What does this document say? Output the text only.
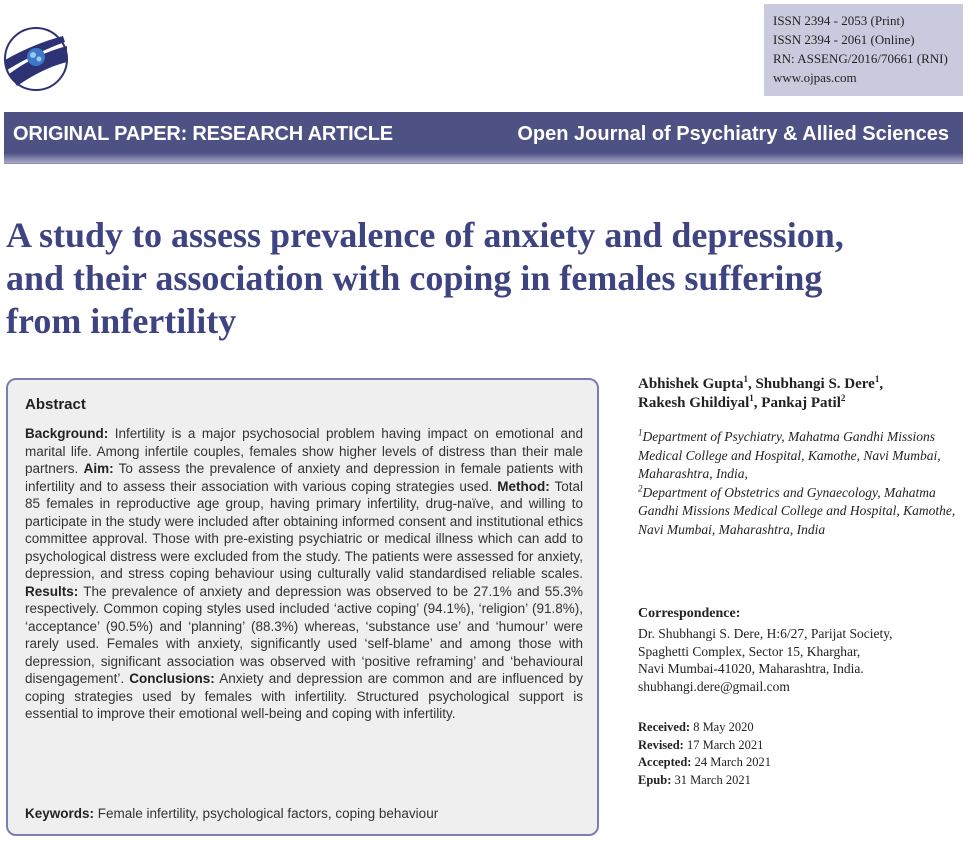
ISSN 2394 - 2053 (Print)
ISSN 2394 - 2061 (Online)
RN: ASSENG/2016/70661 (RNI)
www.ojpas.com
ORIGINAL PAPER: RESEARCH ARTICLE	Open Journal of Psychiatry & Allied Sciences
A study to assess prevalence of anxiety and depression,
and their association with coping in females suffering
from infertility
Abstract
Background: Infertility is a major psychosocial problem having impact on emotional and marital life. Among infertile couples, females show higher levels of distress than their male partners. Aim: To assess the prevalence of anxiety and depression in female patients with infertility and to assess their association with various coping strategies used. Method: Total 85 females in reproductive age group, having primary infertility, drug-naïve, and willing to participate in the study were included after obtaining informed consent and institutional ethics committee approval. Those with pre-existing psychiatric or medical illness which can add to psychological distress were excluded from the study. The patients were assessed for anxiety, depression, and stress coping behaviour using culturally valid standardised reliable scales. Results: The prevalence of anxiety and depression was observed to be 27.1% and 55.3% respectively. Common coping styles used included ‘active coping’ (94.1%), ‘religion’ (91.8%), ‘acceptance’ (90.5%) and ‘planning’ (88.3%) whereas, ‘substance use’ and ‘humour’ were rarely used. Females with anxiety, significantly used ‘self-blame’ and among those with depression, significant association was observed with ‘positive reframing’ and ‘behavioural disengagement’. Conclusions: Anxiety and depression are common and are influenced by coping strategies used by females with infertility. Structured psychological support is essential to improve their emotional well-being and coping with infertility.
Keywords: Female infertility, psychological factors, coping behaviour
Abhishek Gupta$^1$, Shubhangi S. Dere$^1$,
Rakesh Ghildiyal$^1$, Pankaj Patil$^2$
$^1$Department of Psychiatry, Mahatma Gandhi Missions Medical College and Hospital, Kamothe, Navi Mumbai, Maharashtra, India,
$^2$Department of Obstetrics and Gynaecology, Mahatma Gandhi Missions Medical College and Hospital, Kamothe, Navi Mumbai, Maharashtra, India
Correspondence:
Dr. Shubhangi S. Dere, H:6/27, Parijat Society,
Spaghetti Complex, Sector 15, Kharghar,
Navi Mumbai-41020, Maharashtra, India.
shubhangi.dere@gmail.com
Received: 8 May 2020
Revised: 17 March 2021
Accepted: 24 March 2021
Epub: 31 March 2021
